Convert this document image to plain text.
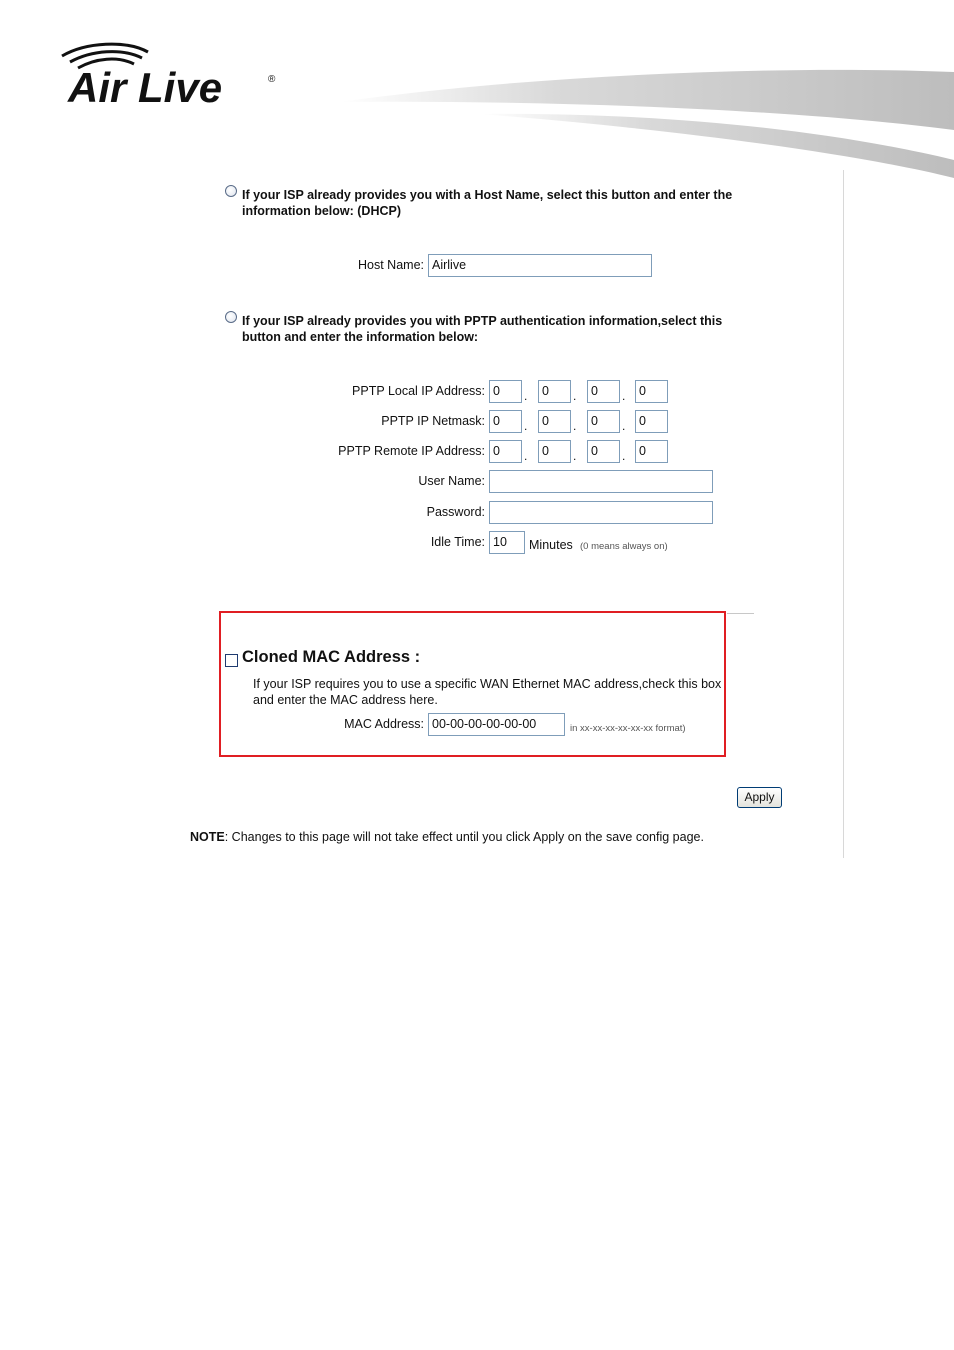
Air Live	®
If your ISP already provides you with a Host Name, select this button and enter the information below: (DHCP)
Host Name: Airlive
If your ISP already provides you with PPTP authentication information,select this button and enter the information below:
PPTP Local IP Address: 0	.	0	.	0	.	0
PPTP IP Netmask: 0	.	0	.	0	.	0
PPTP Remote IP Address: 0	.	0	.	0	.	0
User Name:
Password:
Idle Time: 10	Minutes (0 means always on)
Cloned MAC Address :
If your ISP requires you to use a specific WAN Ethernet MAC address,check this box and enter the MAC address here.
MAC Address: 00-00-00-00-00-00	in xx-xx-xx-xx-xx-xx format)
Apply
NOTE: Changes to this page will not take effect until you click Apply on the save config page.
